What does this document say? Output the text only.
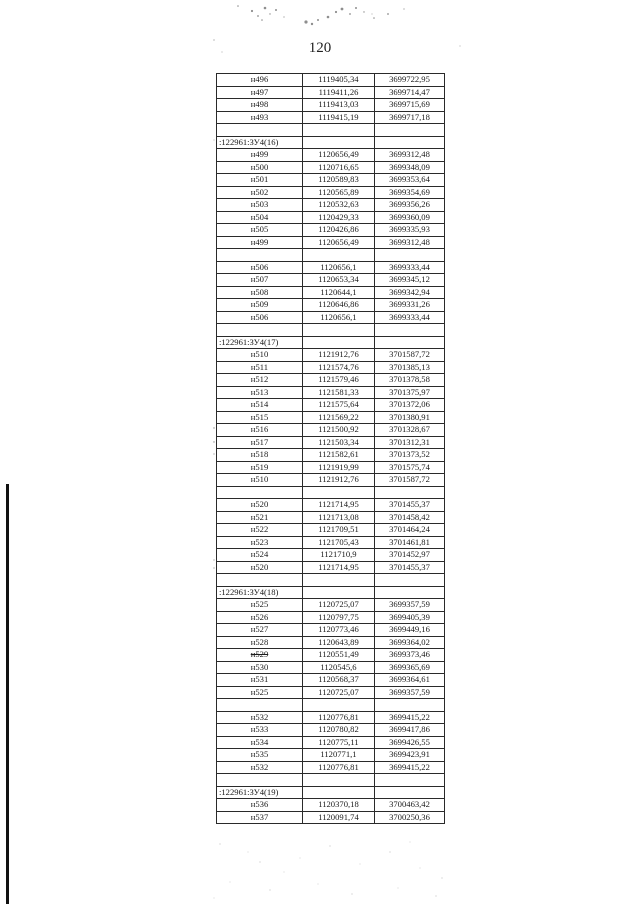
120
н496	1119405,34	3699722,95
н497	1119411,26	3699714,47
н498	1119413,03	3699715,69
н493	1119415,19	3699717,18

:122961:ЗУ4(16)		
н499	1120656,49	3699312,48
н500	1120716,65	3699348,09
н501	1120589,83	3699353,64
н502	1120565,89	3699354,69
н503	1120532,63	3699356,26
н504	1120429,33	3699360,09
н505	1120426,86	3699335,93
н499	1120656,49	3699312,48

н506	1120656,1	3699333,44
н507	1120653,34	3699345,12
н508	1120644,1	3699342,94
н509	1120646,86	3699331,26
н506	1120656,1	3699333,44

:122961:ЗУ4(17)		
н510	1121912,76	3701587,72
н511	1121574,76	3701385,13
н512	1121579,46	3701378,58
н513	1121581,33	3701375,97
н514	1121575,64	3701372,06
н515	1121569,22	3701380,91
н516	1121500,92	3701328,67
н517	1121503,34	3701312,31
н518	1121582,61	3701373,52
н519	1121919,99	3701575,74
н510	1121912,76	3701587,72

н520	1121714,95	3701455,37
н521	1121713,08	3701458,42
н522	1121709,51	3701464,24
н523	1121705,43	3701461,81
н524	1121710,9	3701452,97
н520	1121714,95	3701455,37

:122961:ЗУ4(18)		
н525	1120725,07	3699357,59
н526	1120797,75	3699405,39
н527	1120773,46	3699449,16
н528	1120643,89	3699364,02
н529	1120551,49	3699373,46
н530	1120545,6	3699365,69
н531	1120568,37	3699364,61
н525	1120725,07	3699357,59

н532	1120776,81	3699415,22
н533	1120780,82	3699417,86
н534	1120775,11	3699426,55
н535	1120771,1	3699423,91
н532	1120776,81	3699415,22

:122961:ЗУ4(19)		
н536	1120370,18	3700463,42
н537	1120091,74	3700250,36
